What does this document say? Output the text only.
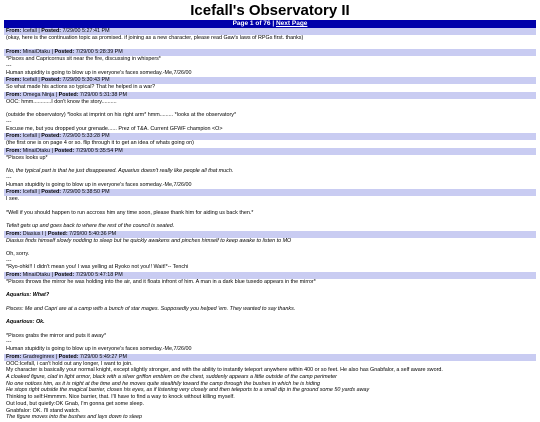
Icefall's Observatory II
Page 1 of 76 | Next Page
From: Icefall | Posted: 7/29/00 5:27:41 PM
(okay, here is the continuation topic as promised. if joining as a new character, please read Gaw's laws of RPGs first. thanks)
From: MinaiOtaku | Posted: 7/29/00 5:28:39 PM
*Pisces and Capricornus sit near the fire, discussing in whispers*
---
Human stupidity is going to blow up in everyone's faces someday.-Me,7/26/00
From: Icefall | Posted: 7/29/00 5:30:43 PM
So what made his actions so typical? That he helped in a war?
From: Omega Ninja | Posted: 7/29/00 5:31:38 PM
OOC: hmm............I don't know the story..........
(outside the observatory) *looks at imprint on his right arm* hmm......... *looks at the observatory*
---
Excuse me, but you dropped your grenade...... Prez of T&A. Current GFWF champion <O>
From: Icefall | Posted: 7/29/00 5:33:28 PM
(the first one is on page 4 or so. flip through it to get an idea of whats going on)
From: MinaiOtaku | Posted: 7/29/00 5:35:54 PM
*Pisces looks up*
No, the typical part is that he just disappeared. Aquarius doesn't really like people all that much.
---
Human stupidity is going to blow up in everyone's faces someday.-Me,7/26/00
From: Icefall | Posted: 7/29/00 5:38:50 PM
I see.
*Well if you should happen to run accross him any time soon, please thank him for aiding us back then.*
Tefeit gets up and goes back to where the rest of the council is seated.
From: Diasius I | Posted: 7/29/00 5:40:36 PM
Diasius finds himself slowly nodding to sleep but he quickly awakens and pinches himself to keep awake to listen to MO
Oh, sorry.
---
*Ryo-ohki!! I didn't mean you! I was yelling at Ryoko not you!! Wait!*-- Tenchi
From: MinaiOtaku | Posted: 7/29/00 5:47:18 PM
*Pisces throws the mirror he was holding into the air, and it floats infront of him. A man in a dark blue tuxedo appears in the mirror*
Aquarius: What?
Pisces: Me and Capri are at a camp with a bunch of star mages. Supposedly you helped 'em. They wanted to say thanks.
Aquarious: Ok.
*Pisces grabs the mirror and puts it away*
---
Human stupidity is going to blow up in everyone's faces someday.-Me,7/26/00
From: Gradreginrex | Posted: 7/29/00 5:49:27 PM
OOC:Icefall, i can't hold out any longer, I want to join.
My character is basically your normal knight, except slightly stronger, and with the ability to instantly teleport anywhere within 400 or so feet. He also has Gnabfalor, a self aware sword.
A cloaked figure, clad in light armor, black with a silver griffon emblem on the chest, suddenly appears a little outside of the camp perimeter
No one notices him, as it is night at the time and he moves quite stealthily toward the camp through the bushes in which he is hiding
He stops right outside the magical barrier, closes his eyes, as if listening very closely and then teleports to a small dip in the ground some 50 yards away
Thinking to self:Hmmmm. Nice barrier, that. I'll have to find a way to knock without killing myself.
Out loud, but quietly:OK Gnab, I'm gonna get some sleep.
Gnabfalor: OK. I'll stand watch.
The figure moves into the bushes and lays down to sleep
